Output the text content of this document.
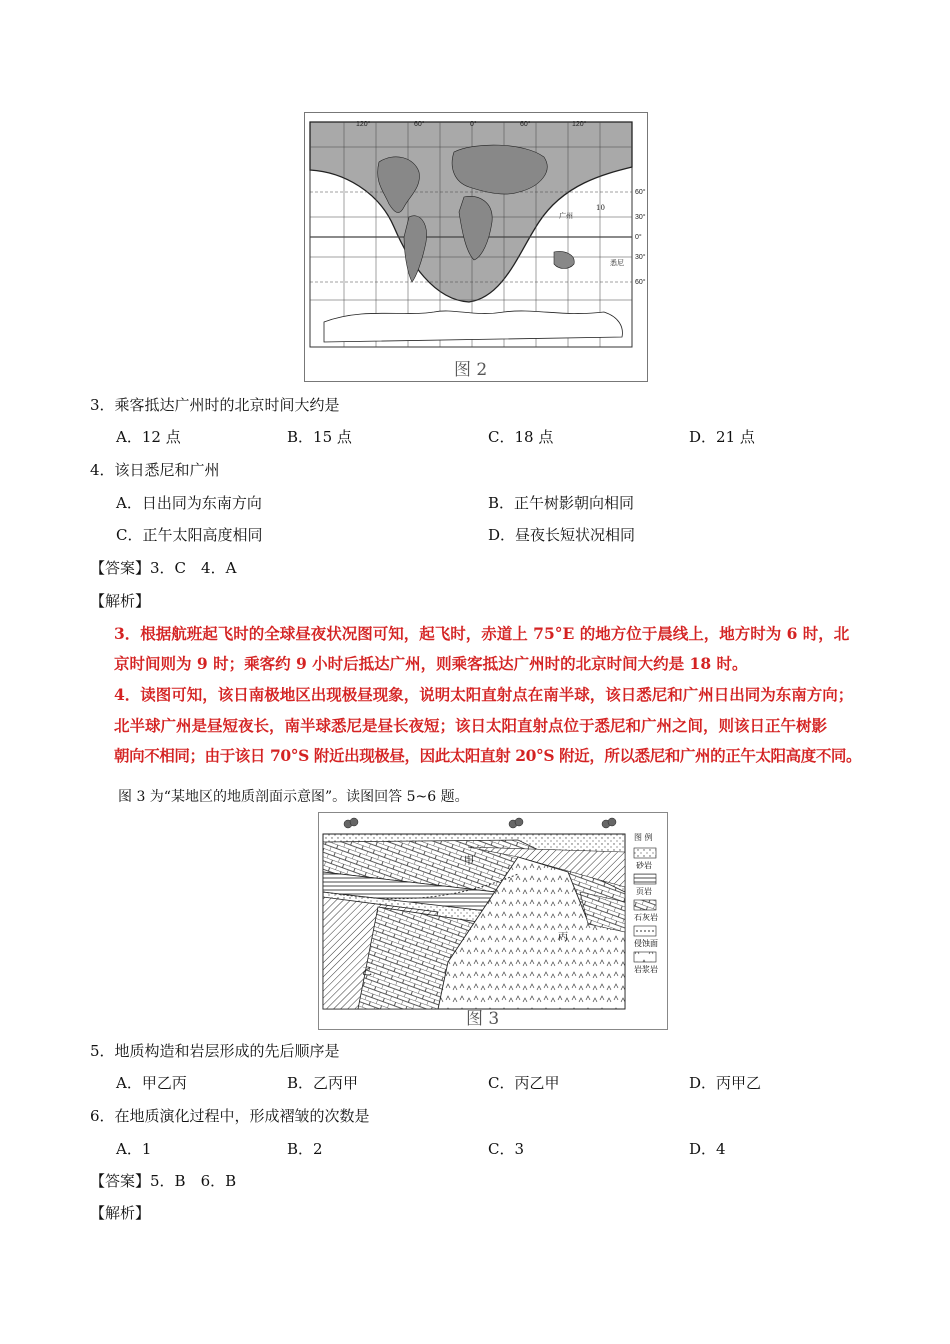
120°	60°	0°	60°	120°
60°
30°
0°
30°
60°
广州
10
悉尼
图 2
3．乘客抵达广州时的北京时间大约是
A．12 点	B．15 点	C．18 点	D．21 点
4．该日悉尼和广州
A．日出同为东南方向	B．正午树影朝向相同
C．正午太阳高度相同	D．昼夜长短状况相同
【答案】3．C　4．A
【解析】
3．根据航班起飞时的全球昼夜状况图可知，起飞时，赤道上 75°E 的地方位于晨线上，地方时为 6 时，北
京时间则为 9 时；乘客约 9 小时后抵达广州，则乘客抵达广州时的北京时间大约是 18 时。
4．读图可知，该日南极地区出现极昼现象，说明太阳直射点在南半球，该日悉尼和广州日出同为东南方向；
北半球广州是昼短夜长，南半球悉尼是昼长夜短；该日太阳直射点位于悉尼和广州之间，则该日正午树影
朝向不相同；由于该日 70°S 附近出现极昼，因此太阳直射 20°S 附近，所以悉尼和广州的正午太阳高度不同。
图 3 为“某地区的地质剖面示意图”。读图回答 5~6 题。
甲
乙
丙
图 例
砂岩
页岩
石灰岩
侵蚀面
岩浆岩
图 3
5．地质构造和岩层形成的先后顺序是
A．甲乙丙	B．乙丙甲	C．丙乙甲	D．丙甲乙
6．在地质演化过程中，形成褶皱的次数是
A．1	B．2	C．3	D．4
【答案】5．B　6．B
【解析】
